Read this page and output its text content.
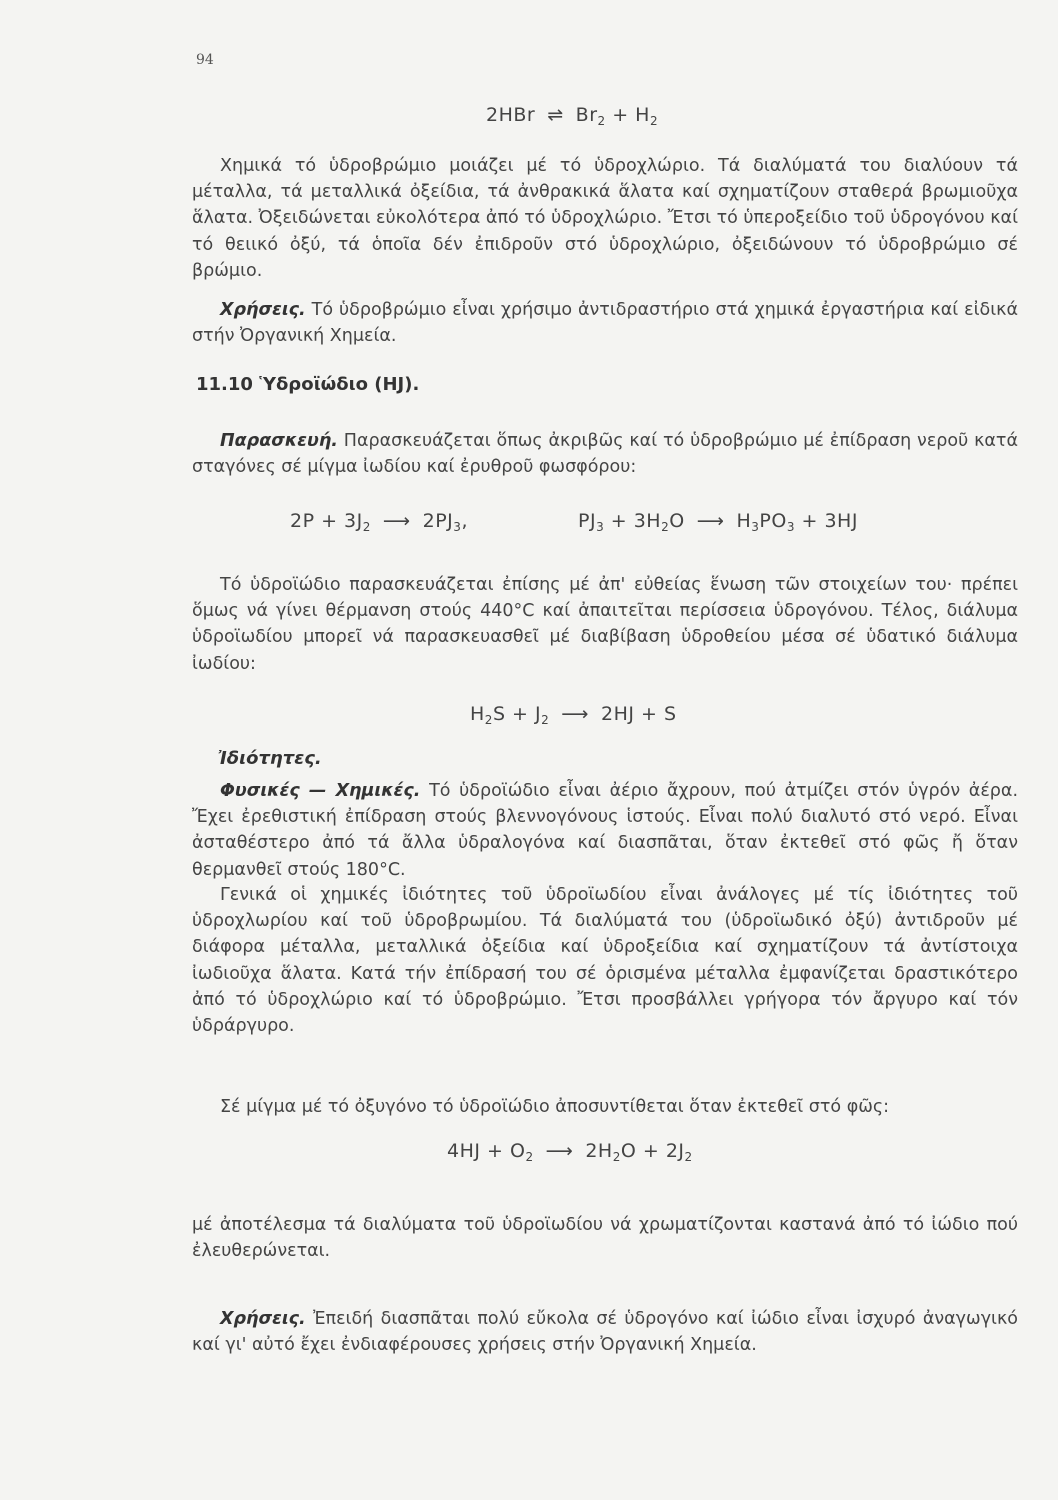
94
2HBr ⇌ $Br_2 + H_2$
Χημικά τό ὑδροβρώμιο μοιάζει μέ τό ὑδροχλώριο. Τά διαλύματά του διαλύουν τά μέταλλα, τά μεταλλικά ὀξείδια, τά ἀνθρακικά ἅλατα καί σχηματίζουν σταθερά βρωμιοῦχα ἅλατα. Ὀξειδώνεται εὐκολότερα ἀπό τό ὑδροχλώριο. Ἔτσι τό ὑπεροξείδιο τοῦ ὑδρογόνου καί τό θειικό ὀξύ, τά ὁποῖα δέν ἐπιδροῦν στό ὑδροχλώριο, ὀξειδώνουν τό ὑδροβρώμιο σέ βρώμιο.
Χρήσεις. Τό ὑδροβρώμιο εἶναι χρήσιμο ἀντιδραστήριο στά χημικά ἐργαστήρια καί εἰδικά στήν Ὀργανική Χημεία.
11.10 Ὑδροϊώδιο (HJ).
Παρασκευή. Παρασκευάζεται ὅπως ἀκριβῶς καί τό ὑδροβρώμιο μέ ἐπίδραση νεροῦ κατά σταγόνες σέ μίγμα ἰωδίου καί ἐρυθροῦ φωσφόρου:
$2P + 3J_2$ ⟶ $2PJ_3$,	$PJ_3 + 3H_2O$ ⟶ $H_3PO_3 + 3HJ$
Τό ὑδροϊώδιο παρασκευάζεται ἐπίσης μέ ἀπ' εὐθείας ἕνωση τῶν στοιχείων του· πρέπει ὅμως νά γίνει θέρμανση στούς 440°C καί ἀπαιτεῖται περίσσεια ὑδρογόνου. Τέλος, διάλυμα ὑδροϊωδίου μπορεῖ νά παρασκευασθεῖ μέ διαβίβαση ὑδροθείου μέσα σέ ὑδατικό διάλυμα ἰωδίου:
$H_2S + J_2$ ⟶ 2HJ + S
Ἰδιότητες.
Φυσικές — Χημικές. Τό ὑδροϊώδιο εἶναι ἀέριο ἄχρουν, πού ἀτμίζει στόν ὑγρόν ἀέρα. Ἔχει ἐρεθιστική ἐπίδραση στούς βλεννογόνους ἱστούς. Εἶναι πολύ διαλυτό στό νερό. Εἶναι ἀσταθέστερο ἀπό τά ἄλλα ὑδραλογόνα καί διασπᾶται, ὅταν ἐκτεθεῖ στό φῶς ἤ ὅταν θερμανθεῖ στούς 180°C.
Γενικά οἱ χημικές ἰδιότητες τοῦ ὑδροϊωδίου εἶναι ἀνάλογες μέ τίς ἰδιότητες τοῦ ὑδροχλωρίου καί τοῦ ὑδροβρωμίου. Τά διαλύματά του (ὑδροϊωδικό ὀξύ) ἀντιδροῦν μέ διάφορα μέταλλα, μεταλλικά ὀξείδια καί ὑδροξείδια καί σχηματίζουν τά ἀντίστοιχα ἰωδιοῦχα ἅλατα. Κατά τήν ἐπίδρασή του σέ ὁρισμένα μέταλλα ἐμφανίζεται δραστικότερο ἀπό τό ὑδροχλώριο καί τό ὑδροβρώμιο. Ἔτσι προσβάλλει γρήγορα τόν ἄργυρο καί τόν ὑδράργυρο.
Σέ μίγμα μέ τό ὀξυγόνο τό ὑδροϊώδιο ἀποσυντίθεται ὅταν ἐκτεθεῖ στό φῶς:
$4HJ + O_2$ ⟶ $2H_2O + 2J_2$
μέ ἀποτέλεσμα τά διαλύματα τοῦ ὑδροϊωδίου νά χρωματίζονται καστανά ἀπό τό ἰώδιο πού ἐλευθερώνεται.
Χρήσεις. Ἐπειδή διασπᾶται πολύ εὔκολα σέ ὑδρογόνο καί ἰώδιο εἶναι ἰσχυρό ἀναγωγικό καί γι' αὐτό ἔχει ἐνδιαφέρουσες χρήσεις στήν Ὀργανική Χημεία.
